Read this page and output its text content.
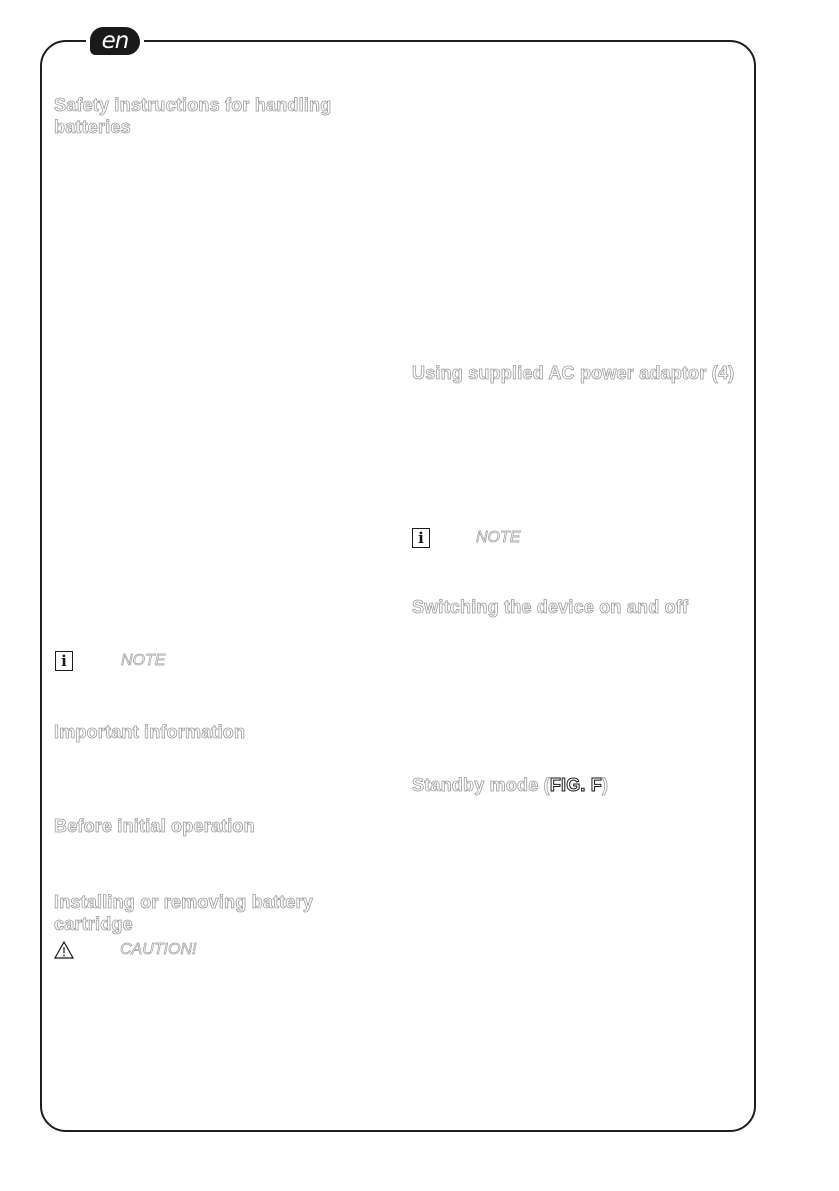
en
Safety instructions for handling
batteries
i	NOTE
Important information
Before initial operation
Installing or removing battery
cartridge
CAUTION!
Using supplied AC power adaptor (4)
i	NOTE
Switching the device on and off
Standby mode (FIG. F)
